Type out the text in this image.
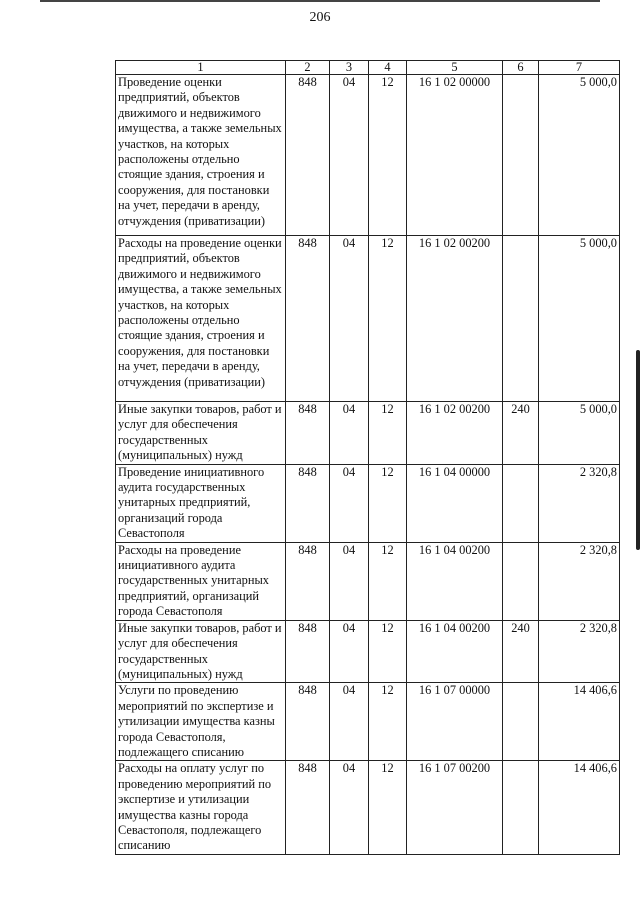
206
1	2	3	4	5	6	7
Проведение оценки предприятий, объектов движимого и недвижимого имущества, а также земельных участков, на которых расположены отдельно стоящие здания, строения и сооружения, для постановки на учет, передачи в аренду, отчуждения (приватизации)	848	04	12	16 1 02 00000		5 000,0
Расходы на проведение оценки предприятий, объектов движимого и недвижимого имущества, а также земельных участков, на которых расположены отдельно стоящие здания, строения и сооружения, для постановки на учет, передачи в аренду, отчуждения (приватизации)	848	04	12	16 1 02 00200		5 000,0
Иные закупки товаров, работ и услуг для обеспечения государственных (муниципальных) нужд	848	04	12	16 1 02 00200	240	5 000,0
Проведение инициативного аудита государственных унитарных предприятий, организаций города Севастополя	848	04	12	16 1 04 00000		2 320,8
Расходы на проведение инициативного аудита государственных унитарных предприятий, организаций города Севастополя	848	04	12	16 1 04 00200		2 320,8
Иные закупки товаров, работ и услуг для обеспечения государственных (муниципальных) нужд	848	04	12	16 1 04 00200	240	2 320,8
Услуги по проведению мероприятий по экспертизе и утилизации имущества казны города Севастополя, подлежащего списанию	848	04	12	16 1 07 00000		14 406,6
Расходы на оплату услуг по проведению мероприятий по экспертизе и утилизации имущества казны города Севастополя, подлежащего списанию	848	04	12	16 1 07 00200		14 406,6
